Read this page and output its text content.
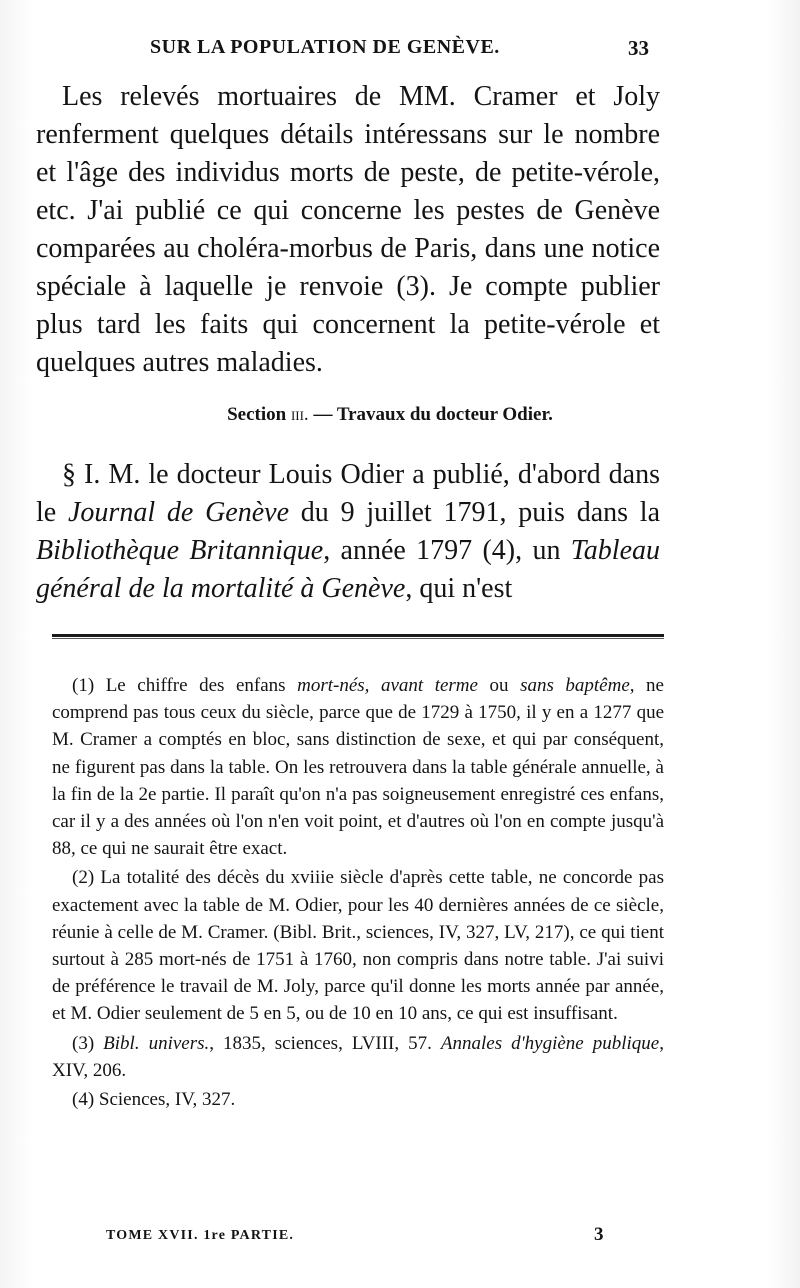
SUR LA POPULATION DE GENÈVE.	33
Les relevés mortuaires de MM. Cramer et Joly renferment quelques détails intéressans sur le nombre et l'âge des individus morts de peste, de petite-vérole, etc. J'ai publié ce qui concerne les pestes de Genève comparées au choléra-morbus de Paris, dans une notice spéciale à laquelle je renvoie (3). Je compte publier plus tard les faits qui concernent la petite-vérole et quelques autres maladies.
Section iii. — Travaux du docteur Odier.
§ I. M. le docteur Louis Odier a publié, d'abord dans le Journal de Genève du 9 juillet 1791, puis dans la Bibliothèque Britannique, année 1797 (4), un Tableau général de la mortalité à Genève, qui n'est

(1) Le chiffre des enfans mort-nés, avant terme ou sans baptême, ne comprend pas tous ceux du siècle, parce que de 1729 à 1750, il y en a 1277 que M. Cramer a comptés en bloc, sans distinction de sexe, et qui par conséquent, ne figurent pas dans la table. On les retrouvera dans la table générale annuelle, à la fin de la 2e partie. Il paraît qu'on n'a pas soigneusement enregistré ces enfans, car il y a des années où l'on n'en voit point, et d'autres où l'on en compte jusqu'à 88, ce qui ne saurait être exact.

(2) La totalité des décès du xviiie siècle d'après cette table, ne concorde pas exactement avec la table de M. Odier, pour les 40 dernières années de ce siècle, réunie à celle de M. Cramer. (Bibl. Brit., sciences, IV, 327, LV, 217), ce qui tient surtout à 285 mort-nés de 1751 à 1760, non compris dans notre table. J'ai suivi de préférence le travail de M. Joly, parce qu'il donne les morts année par année, et M. Odier seulement de 5 en 5, ou de 10 en 10 ans, ce qui est insuffisant.

(3) Bibl. univers., 1835, sciences, LVIII, 57. Annales d'hygiène publique, XIV, 206.

(4) Sciences, IV, 327.

TOME XVII. 1re PARTIE.	3
